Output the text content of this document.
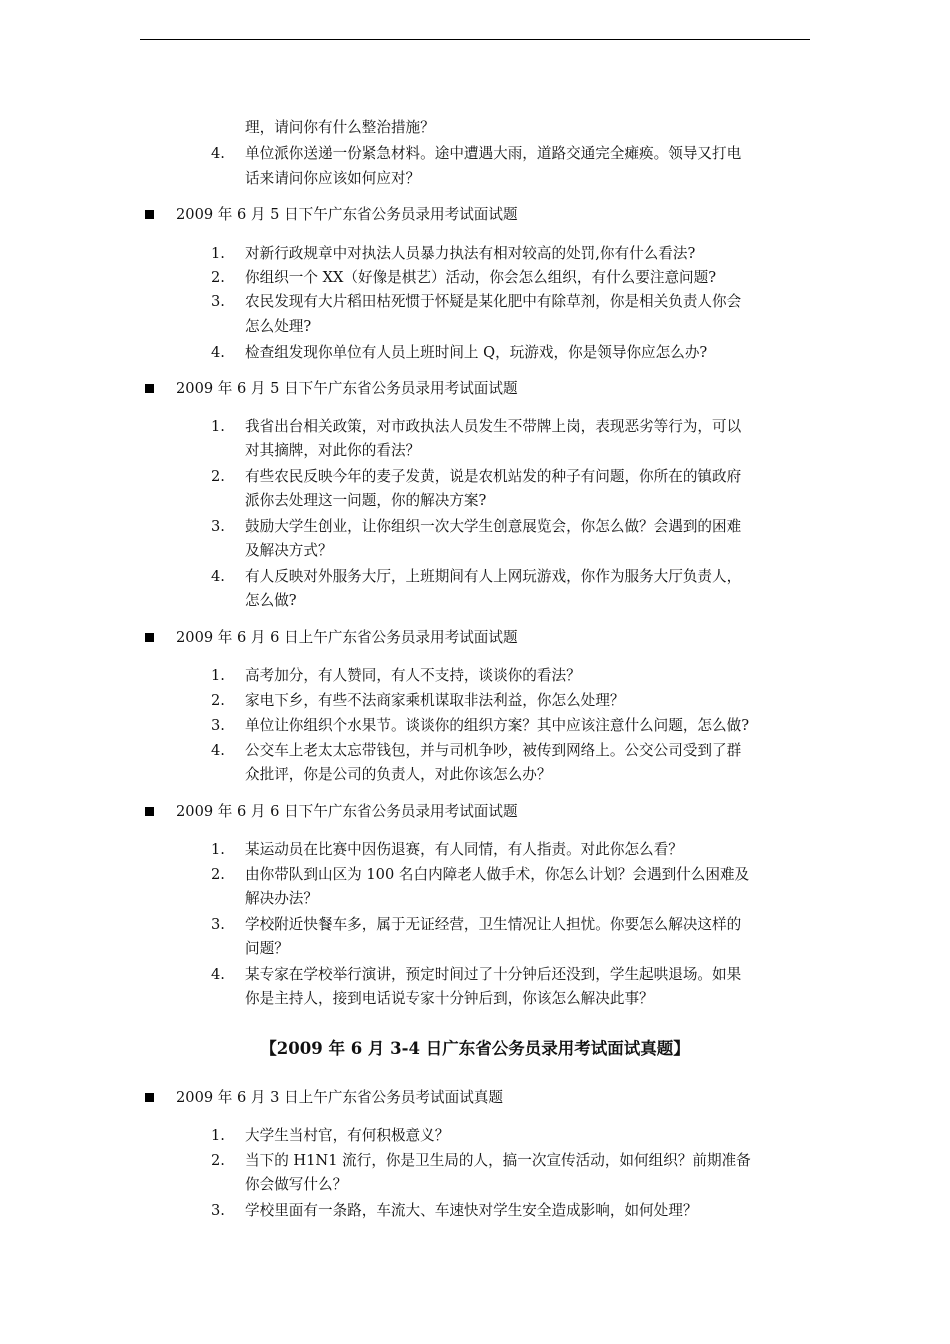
理，请问你有什么整治措施？
4. 单位派你送递一份紧急材料。途中遭遇大雨，道路交通完全瘫痪。领导又打电
话来请问你应该如何应对？
2009 年 6 月 5 日下午广东省公务员录用考试面试题
1. 对新行政规章中对执法人员暴力执法有相对较高的处罚,你有什么看法?
2. 你组织一个 XX（好像是棋艺）活动，你会怎么组织，有什么要注意问题?
3. 农民发现有大片稻田枯死惯于怀疑是某化肥中有除草剂，你是相关负责人你会
怎么处理?
4. 检查组发现你单位有人员上班时间上 Q，玩游戏，你是领导你应怎么办?
2009 年 6 月 5 日下午广东省公务员录用考试面试题
1. 我省出台相关政策，对市政执法人员发生不带牌上岗，表现恶劣等行为，可以
对其摘牌，对此你的看法？
2. 有些农民反映今年的麦子发黄，说是农机站发的种子有问题，你所在的镇政府
派你去处理这一问题，你的解决方案?
3. 鼓励大学生创业，让你组织一次大学生创意展览会，你怎么做？会遇到的困难
及解决方式？
4. 有人反映对外服务大厅，上班期间有人上网玩游戏，你作为服务大厅负责人，
怎么做?
2009 年 6 月 6 日上午广东省公务员录用考试面试题
1. 高考加分，有人赞同，有人不支持，谈谈你的看法？
2. 家电下乡，有些不法商家乘机谋取非法利益，你怎么处理？
3. 单位让你组织个水果节。谈谈你的组织方案？其中应该注意什么问题，怎么做?
4. 公交车上老太太忘带钱包，并与司机争吵，被传到网络上。公交公司受到了群
众批评，你是公司的负责人，对此你该怎么办？
2009 年 6 月 6 日下午广东省公务员录用考试面试题
1. 某运动员在比赛中因伤退赛，有人同情，有人指责。对此你怎么看？
2. 由你带队到山区为 100 名白内障老人做手术，你怎么计划？会遇到什么困难及
解决办法？
3. 学校附近快餐车多，属于无证经营，卫生情况让人担忧。你要怎么解决这样的
问题？
4. 某专家在学校举行演讲，预定时间过了十分钟后还没到，学生起哄退场。如果
你是主持人，接到电话说专家十分钟后到，你该怎么解决此事？
【2009 年 6 月 3-4 日广东省公务员录用考试面试真题】
2009 年 6 月 3 日上午广东省公务员考试面试真题
1. 大学生当村官，有何积极意义？
2. 当下的 H1N1 流行，你是卫生局的人，搞一次宣传活动，如何组织？前期准备
你会做写什么？
3. 学校里面有一条路，车流大、车速快对学生安全造成影响，如何处理？
